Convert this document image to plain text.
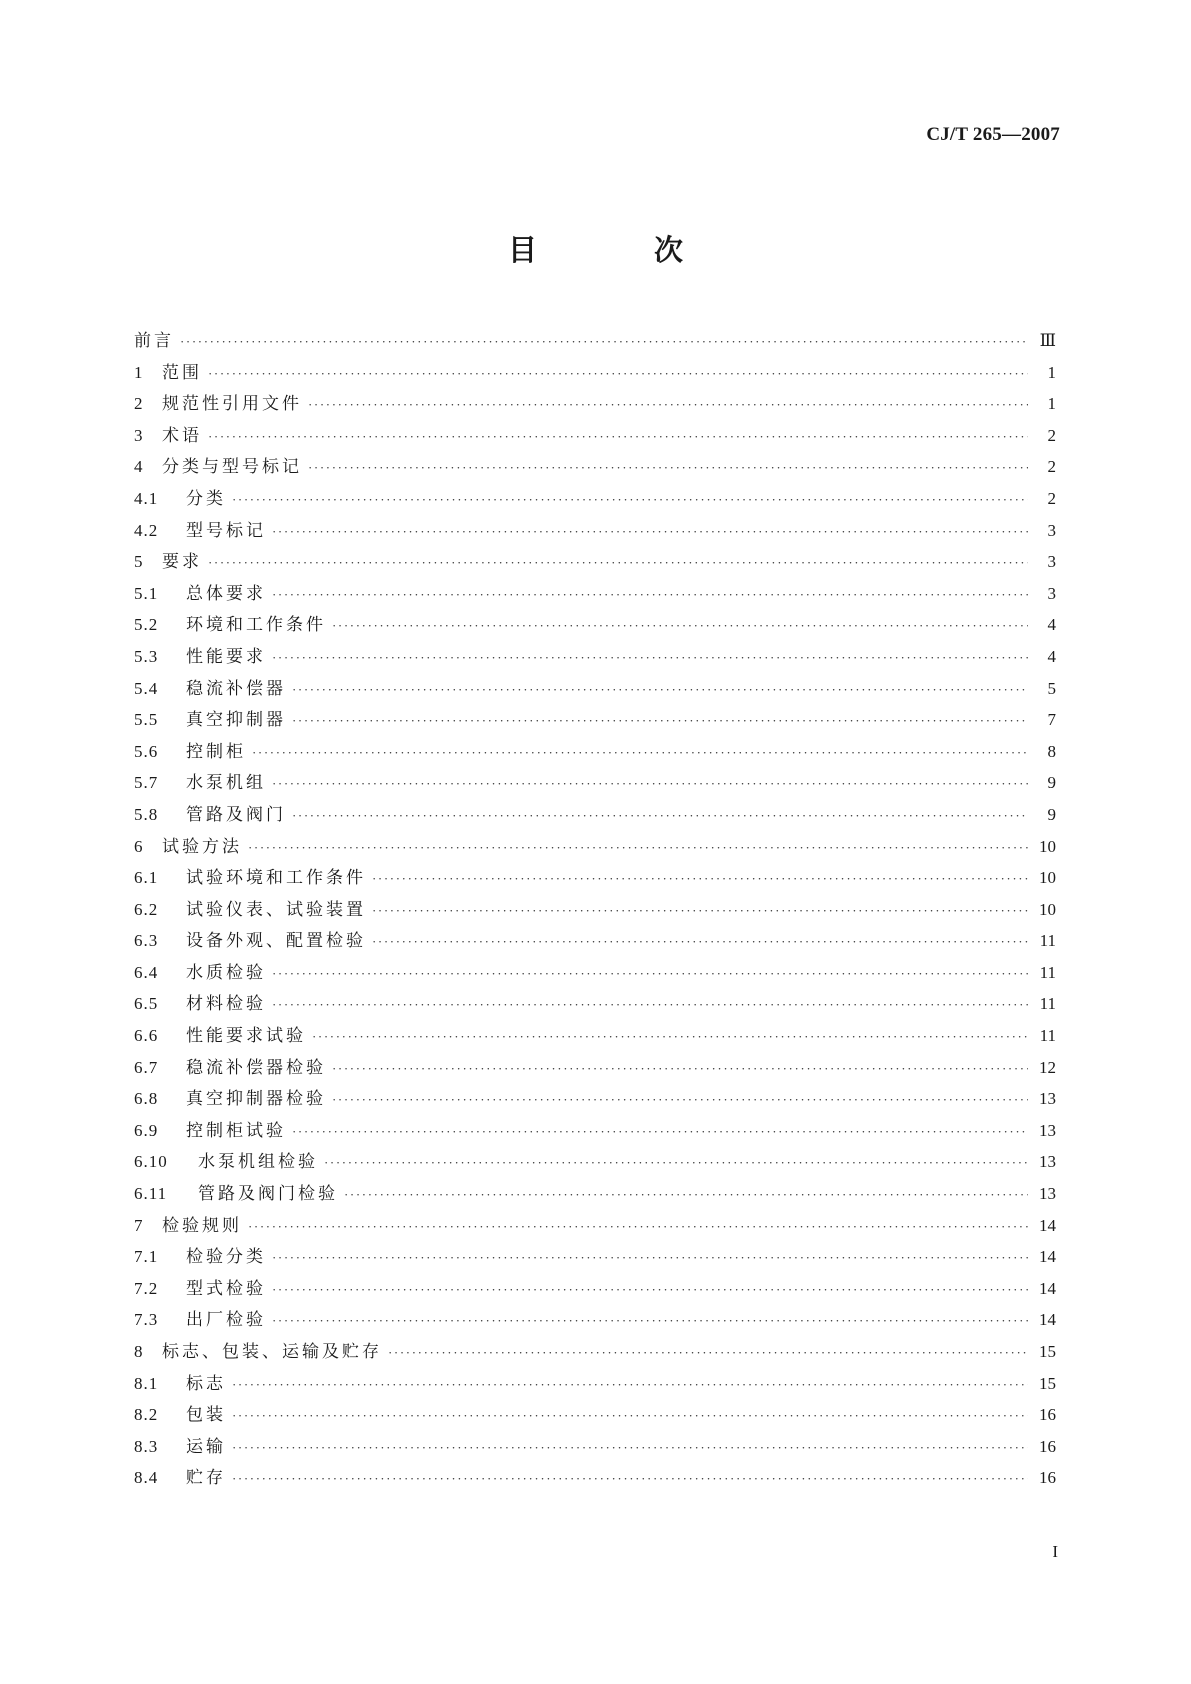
CJ/T 265—2007
目　次
前言 ·····	Ⅲ
1	范围 ·····	1
2	规范性引用文件 ·····	1
3	术语 ·····	2
4	分类与型号标记 ·····	2
4.1	分类 ·····	2
4.2	型号标记 ·····	3
5	要求 ·····	3
5.1	总体要求 ·····	3
5.2	环境和工作条件 ·····	4
5.3	性能要求 ·····	4
5.4	稳流补偿器 ·····	5
5.5	真空抑制器 ·····	7
5.6	控制柜 ·····	8
5.7	水泵机组 ·····	9
5.8	管路及阀门 ·····	9
6	试验方法 ·····	10
6.1	试验环境和工作条件 ·····	10
6.2	试验仪表、试验装置 ·····	10
6.3	设备外观、配置检验 ·····	11
6.4	水质检验 ·····	11
6.5	材料检验 ·····	11
6.6	性能要求试验 ·····	11
6.7	稳流补偿器检验 ·····	12
6.8	真空抑制器检验 ·····	13
6.9	控制柜试验 ·····	13
6.10	水泵机组检验 ·····	13
6.11	管路及阀门检验 ·····	13
7	检验规则 ·····	14
7.1	检验分类 ·····	14
7.2	型式检验 ·····	14
7.3	出厂检验 ·····	14
8	标志、包装、运输及贮存 ·····	15
8.1	标志 ·····	15
8.2	包装 ·····	16
8.3	运输 ·····	16
8.4	贮存 ·····	16
I
